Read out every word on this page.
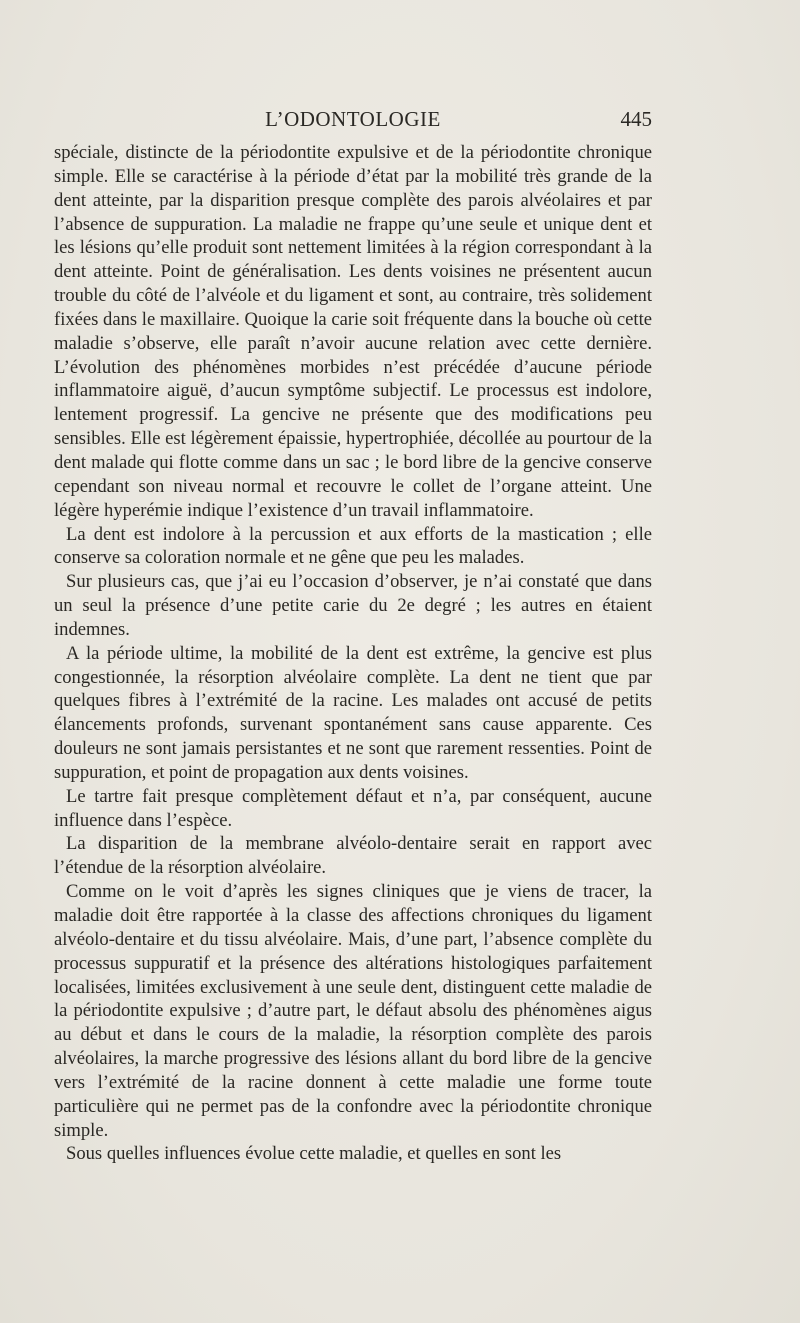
L’ODONTOLOGIE	445

spéciale, distincte de la périodontite expulsive et de la périodontite chronique simple. Elle se caractérise à la période d’état par la mobilité très grande de la dent atteinte, par la disparition presque complète des parois alvéolaires et par l’absence de suppuration. La maladie ne frappe qu’une seule et unique dent et les lésions qu’elle produit sont nettement limitées à la région correspondant à la dent atteinte. Point de généralisation. Les dents voisines ne présentent aucun trouble du côté de l’alvéole et du ligament et sont, au contraire, très solidement fixées dans le maxillaire. Quoique la carie soit fréquente dans la bouche où cette maladie s’observe, elle paraît n’avoir aucune relation avec cette dernière. L’évolution des phénomènes morbides n’est précédée d’aucune période inflammatoire aiguë, d’aucun symptôme subjectif. Le processus est indolore, lentement progressif. La gencive ne présente que des modifications peu sensibles. Elle est légèrement épaissie, hypertrophiée, décollée au pourtour de la dent malade qui flotte comme dans un sac ; le bord libre de la gencive conserve cependant son niveau normal et recouvre le collet de l’organe atteint. Une légère hyperémie indique l’existence d’un travail inflammatoire.

La dent est indolore à la percussion et aux efforts de la mastication ; elle conserve sa coloration normale et ne gêne que peu les malades.

Sur plusieurs cas, que j’ai eu l’occasion d’observer, je n’ai constaté que dans un seul la présence d’une petite carie du 2e degré ; les autres en étaient indemnes.

A la période ultime, la mobilité de la dent est extrême, la gencive est plus congestionnée, la résorption alvéolaire complète. La dent ne tient que par quelques fibres à l’extrémité de la racine. Les malades ont accusé de petits élancements profonds, survenant spontanément sans cause apparente. Ces douleurs ne sont jamais persistantes et ne sont que rarement ressenties. Point de suppuration, et point de propagation aux dents voisines.

Le tartre fait presque complètement défaut et n’a, par conséquent, aucune influence dans l’espèce.

La disparition de la membrane alvéolo-dentaire serait en rapport avec l’étendue de la résorption alvéolaire.

Comme on le voit d’après les signes cliniques que je viens de tracer, la maladie doit être rapportée à la classe des affections chroniques du ligament alvéolo-dentaire et du tissu alvéolaire. Mais, d’une part, l’absence complète du processus suppuratif et la présence des altérations histologiques parfaitement localisées, limitées exclusivement à une seule dent, distinguent cette maladie de la périodontite expulsive ; d’autre part, le défaut absolu des phénomènes aigus au début et dans le cours de la maladie, la résorption complète des parois alvéolaires, la marche progressive des lésions allant du bord libre de la gencive vers l’extrémité de la racine donnent à cette maladie une forme toute particulière qui ne permet pas de la confondre avec la périodontite chronique simple.

Sous quelles influences évolue cette maladie, et quelles en sont les
